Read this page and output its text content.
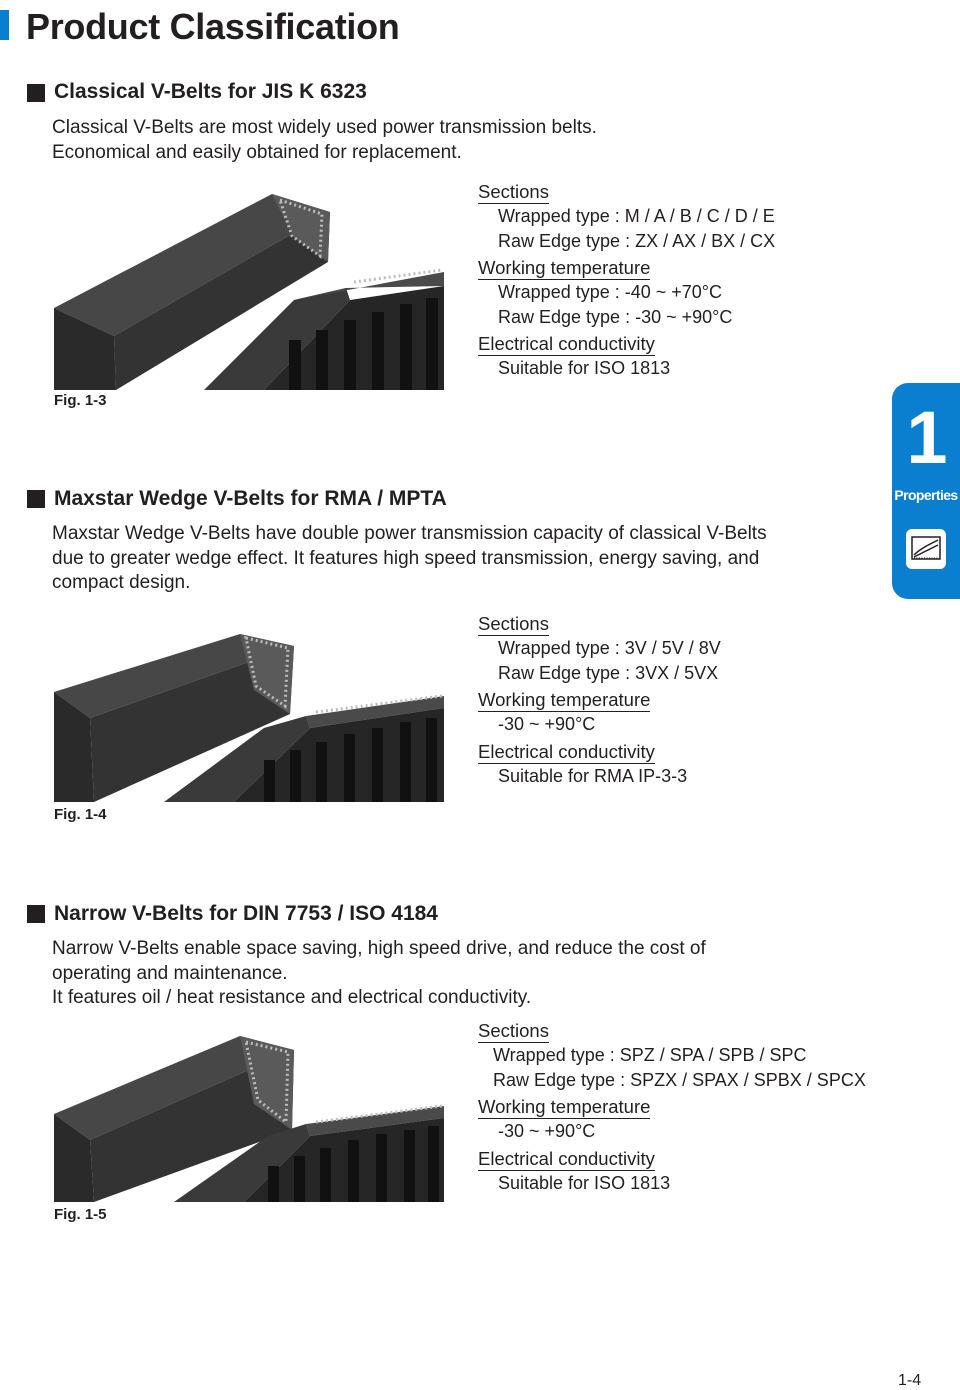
Product Classification
Classical V-Belts for JIS K 6323

Classical V-Belts are most widely used power transmission belts.
Economical and easily obtained for replacement.

Fig. 1-3
Sections
Wrapped type : M / A / B / C / D / E
Raw Edge type : ZX / AX / BX / CX
Working temperature
Wrapped type : -40 ~ +70°C
Raw Edge type : -30 ~ +90°C
Electrical conductivity
Suitable for ISO 1813
1
Properties
Maxstar Wedge V-Belts for RMA / MPTA

Maxstar Wedge V-Belts have double power transmission capacity of classical V-Belts
due to greater wedge effect. It features high speed transmission, energy saving, and
compact design.

Fig. 1-4
Sections
Wrapped type : 3V / 5V / 8V
Raw Edge type : 3VX / 5VX
Working temperature
-30 ~ +90°C
Electrical conductivity
Suitable for RMA IP-3-3
Narrow V-Belts for DIN 7753 / ISO 4184

Narrow V-Belts enable space saving, high speed drive, and reduce the cost of
operating and maintenance.
It features oil / heat resistance and electrical conductivity.

Fig. 1-5
Sections
Wrapped type : SPZ / SPA / SPB / SPC
Raw Edge type : SPZX / SPAX / SPBX / SPCX
Working temperature
-30 ~ +90°C
Electrical conductivity
Suitable for ISO 1813
1-4
